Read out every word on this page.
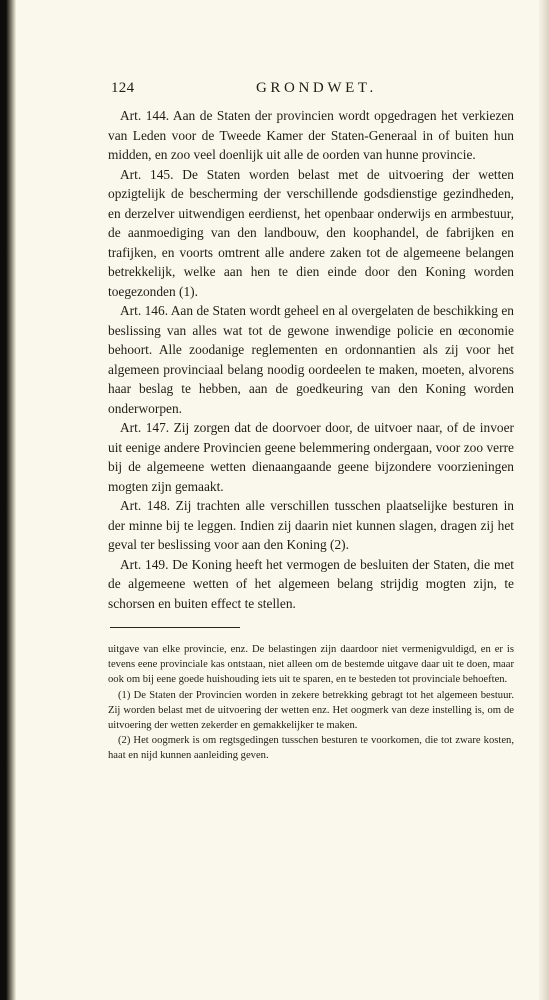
124	GRONDWET.

Art. 144. Aan de Staten der provincien wordt opgedragen het verkiezen van Leden voor de Tweede Kamer der Staten-Generaal in of buiten hun midden, en zoo veel doenlijk uit alle de oorden van hunne provincie.

Art. 145. De Staten worden belast met de uitvoering der wetten opzigtelijk de bescherming der verschillende godsdienstige gezindheden, en derzelver uitwendigen eerdienst, het openbaar onderwijs en armbestuur, de aanmoediging van den landbouw, den koophandel, de fabrijken en trafijken, en voorts omtrent alle andere zaken tot de algemeene belangen betrekkelijk, welke aan hen te dien einde door den Koning worden toegezonden (1).

Art. 146. Aan de Staten wordt geheel en al overgelaten de beschikking en beslissing van alles wat tot de gewone inwendige policie en œconomie behoort. Alle zoodanige reglementen en ordonnantien als zij voor het algemeen provinciaal belang noodig oordeelen te maken, moeten, alvorens haar beslag te hebben, aan de goedkeuring van den Koning worden onderworpen.

Art. 147. Zij zorgen dat de doorvoer door, de uitvoer naar, of de invoer uit eenige andere Provincien geene belemmering ondergaan, voor zoo verre bij de algemeene wetten dienaangaande geene bijzondere voorzieningen mogten zijn gemaakt.

Art. 148. Zij trachten alle verschillen tusschen plaatselijke besturen in der minne bij te leggen. Indien zij daarin niet kunnen slagen, dragen zij het geval ter beslissing voor aan den Koning (2).

Art. 149. De Koning heeft het vermogen de besluiten der Staten, die met de algemeene wetten of het algemeen belang strijdig mogten zijn, te schorsen en buiten effect te stellen.

uitgave van elke provincie, enz. De belastingen zijn daardoor niet vermenigvuldigd, en er is tevens eene provinciale kas ontstaan, niet alleen om de bestemde uitgave daar uit te doen, maar ook om bij eene goede huishouding iets uit te sparen, en te besteden tot provinciale behoeften.

(1) De Staten der Provincien worden in zekere betrekking gebragt tot het algemeen bestuur. Zij worden belast met de uitvoering der wetten enz. Het oogmerk van deze instelling is, om de uitvoering der wetten zekerder en gemakkelijker te maken.

(2) Het oogmerk is om regtsgedingen tusschen besturen te voorkomen, die tot zware kosten, haat en nijd kunnen aanleiding geven.
